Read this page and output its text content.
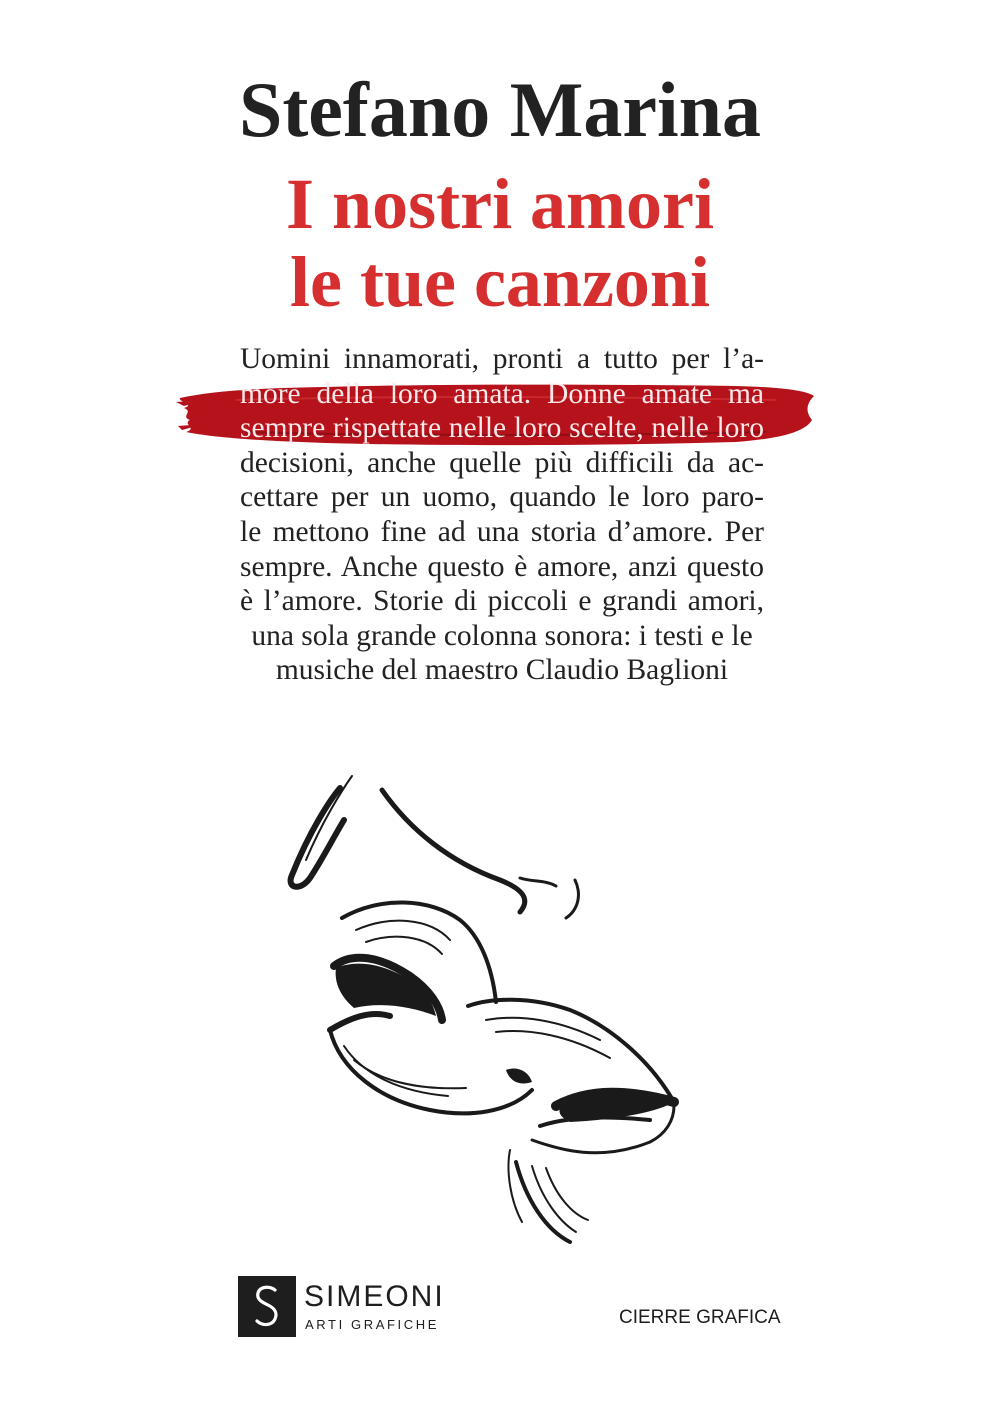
Stefano Marina
I nostri amori
le tue canzoni
Uomini innamorati, pronti a tutto per l’a-
more della loro amata. Donne amate ma
sempre rispettate nelle loro scelte, nelle loro
decisioni, anche quelle più difficili da ac-
cettare per un uomo, quando le loro paro-
le mettono fine ad una storia d’amore. Per
sempre. Anche questo è amore, anzi questo
è l’amore. Storie di piccoli e grandi amori,
una sola grande colonna sonora: i testi e le
musiche del maestro Claudio Baglioni
SIMEONI
ARTI GRAFICHE	CIERRE GRAFICA
